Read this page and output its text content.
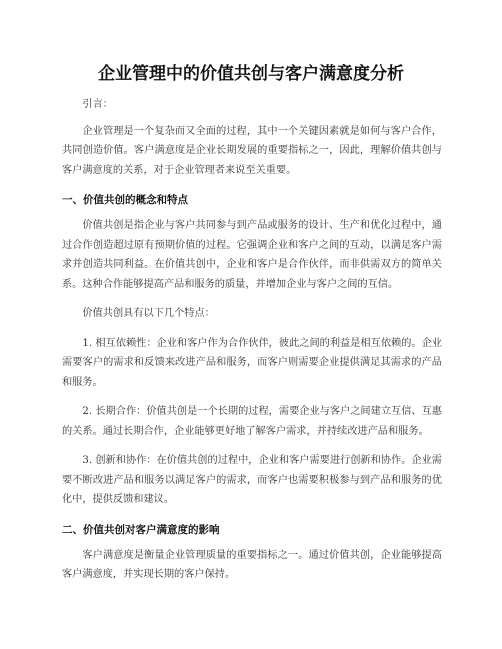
企业管理中的价值共创与客户满意度分析

引言：

企业管理是一个复杂而又全面的过程，其中一个关键因素就是如何与客户合作，共同创造价值。客户满意度是企业长期发展的重要指标之一，因此，理解价值共创与客户满意度的关系，对于企业管理者来说至关重要。

一、价值共创的概念和特点

价值共创是指企业与客户共同参与到产品或服务的设计、生产和优化过程中，通过合作创造超过原有预期价值的过程。它强调企业和客户之间的互动，以满足客户需求并创造共同利益。在价值共创中，企业和客户是合作伙伴，而非供需双方的简单关系。这种合作能够提高产品和服务的质量，并增加企业与客户之间的互信。

价值共创具有以下几个特点：

1. 相互依赖性：企业和客户作为合作伙伴，彼此之间的利益是相互依赖的。企业需要客户的需求和反馈来改进产品和服务，而客户则需要企业提供满足其需求的产品和服务。

2. 长期合作：价值共创是一个长期的过程，需要企业与客户之间建立互信、互惠的关系。通过长期合作，企业能够更好地了解客户需求，并持续改进产品和服务。

3. 创新和协作：在价值共创的过程中，企业和客户需要进行创新和协作。企业需要不断改进产品和服务以满足客户的需求，而客户也需要积极参与到产品和服务的优化中，提供反馈和建议。

二、价值共创对客户满意度的影响

客户满意度是衡量企业管理质量的重要指标之一。通过价值共创，企业能够提高客户满意度，并实现长期的客户保持。
